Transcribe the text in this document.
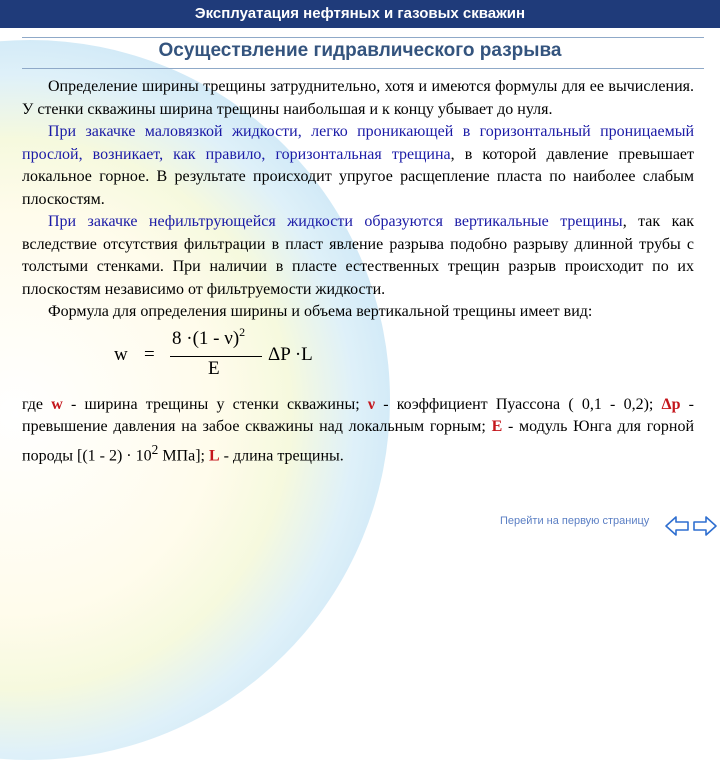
Эксплуатация нефтяных и газовых скважин
Осуществление гидравлического разрыва

Определение ширины трещины затруднительно, хотя и имеются формулы для ее вычисления. У стенки скважины ширина трещины наибольшая и к концу убывает до нуля.

При закачке маловязкой жидкости, легко проникающей в горизонтальный проницаемый прослой, возникает, как правило, горизонтальная трещина, в которой давление превышает локальное горное. В результате происходит упругое расщепление пласта по наиболее слабым плоскостям.

При закачке нефильтрующейся жидкости образуются вертикальные трещины, так как вследствие отсутствия фильтрации в пласт явление разрыва подобно разрыву длинной трубы с толстыми стенками. При наличии в пласте естественных трещин разрыв происходит по их плоскостям независимо от фильтруемости жидкости.

Формула для определения ширины и объема вертикальной трещины имеет вид:

w =
8 ·(1 - ν)$^2$
E
ΔP ·L

где w - ширина трещины у стенки скважины; ν - коэффициент Пуассона ( 0,1 - 0,2); Δp - превышение давления на забое скважины над локальным горным; E - модуль Юнга для горной породы [$(1 - 2) \cdot 10^2$ МПа]; L - длина трещины.

Перейти на первую страницу
